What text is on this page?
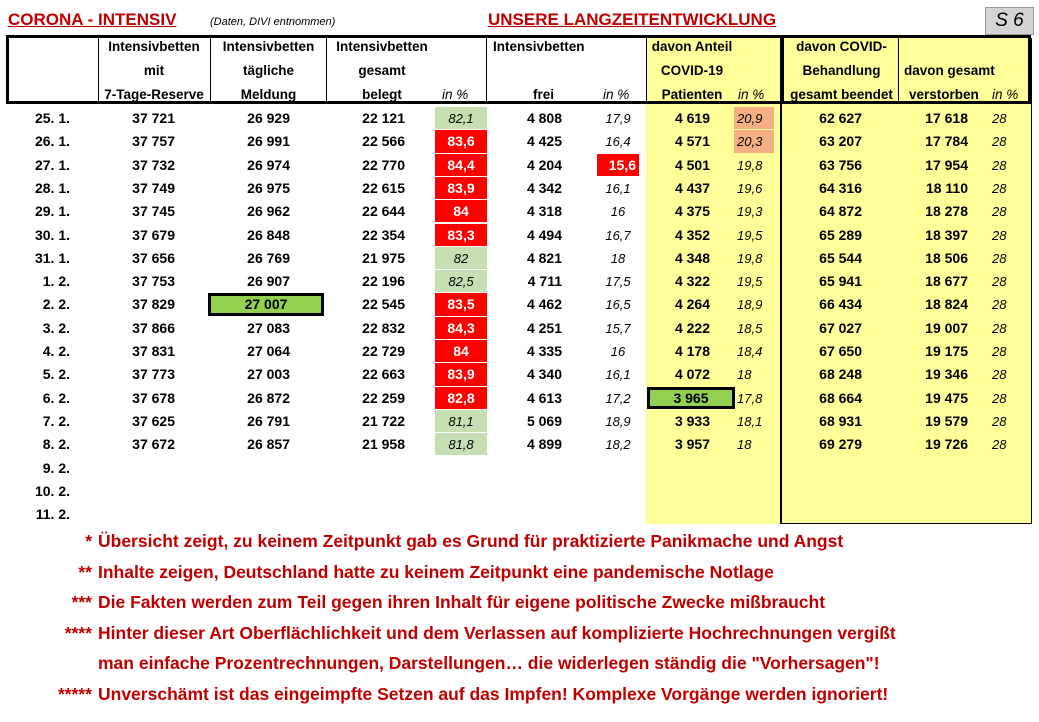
CORONA - INTENSIV	(Daten, DIVI entnommen)	UNSERE LANGZEITENTWICKLUNG	S 6
Intensivbetten
mit
7-Tage-Reserve
Intensivbetten
tägliche
Meldung
Intensivbetten
gesamt
belegt	in %
Intensivbetten
frei	in %
davon Anteil
COVID-19
Patienten	in %
davon COVID-
Behandlung
gesamt beendet
davon gesamt
verstorben in %
25. 1.	37 721	26 929	22 121	82,1	4 808	17,9	4 619 20,9	62 627	17 618 28
26. 1.	37 757	26 991	22 566	83,6	4 425	16,4	4 571 20,3	63 207	17 784 28
27. 1.	37 732	26 974	22 770	84,4	4 204	15,6	4 501 19,8	63 756	17 954 28
28. 1.	37 749	26 975	22 615	83,9	4 342	16,1	4 437 19,6	64 316	18 110 28
29. 1.	37 745	26 962	22 644	84	4 318	16	4 375 19,3	64 872	18 278 28
30. 1.	37 679	26 848	22 354	83,3	4 494	16,7	4 352 19,5	65 289	18 397 28
31. 1.	37 656	26 769	21 975	82	4 821	18	4 348 19,8	65 544	18 506 28
1. 2.	37 753	26 907	22 196	82,5	4 711	17,5	4 322 19,5	65 941	18 677 28
2. 2.	37 829	27 007	22 545	83,5	4 462	16,5	4 264 18,9	66 434	18 824 28
3. 2.	37 866	27 083	22 832	84,3	4 251	15,7	4 222 18,5	67 027	19 007 28
4. 2.	37 831	27 064	22 729	84	4 335	16	4 178 18,4	67 650	19 175 28
5. 2.	37 773	27 003	22 663	83,9	4 340	16,1	4 072 18	68 248	19 346 28
6. 2.	37 678	26 872	22 259	82,8	4 613	17,2	3 965	17,8	68 664	19 475 28
7. 2.	37 625	26 791	21 722	81,1	5 069	18,9	3 933 18,1	68 931	19 579 28
8. 2.	37 672	26 857	21 958	81,8	4 899	18,2	3 957 18	69 279	19 726 28
9. 2.
10. 2.
11. 2.
* Übersicht zeigt, zu keinem Zeitpunkt gab es Grund für praktizierte Panikmache und Angst
** Inhalte zeigen, Deutschland hatte zu keinem Zeitpunkt eine pandemische Notlage
*** Die Fakten werden zum Teil gegen ihren Inhalt für eigene politische Zwecke mißbraucht
**** Hinter dieser Art Oberflächlichkeit und dem Verlassen auf komplizierte Hochrechnungen vergißt
man einfache Prozentrechnungen, Darstellungen… die widerlegen ständig die "Vorhersagen"!
***** Unverschämt ist das eingeimpfte Setzen auf das Impfen! Komplexe Vorgänge werden ignoriert!
